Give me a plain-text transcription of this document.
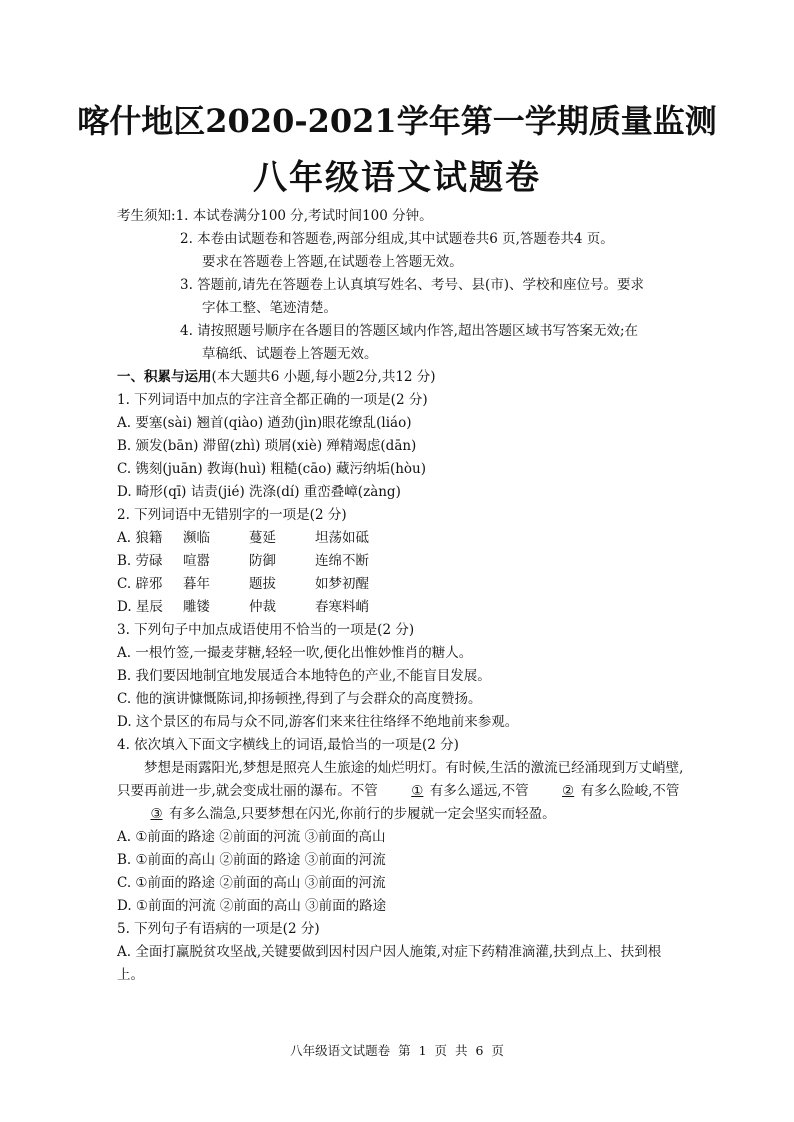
喀什地区2020-2021学年第一学期质量监测
八年级语文试题卷
考生须知:1. 本试卷满分100 分,考试时间100 分钟。
2. 本卷由试题卷和答题卷,两部分组成,其中试题卷共6 页,答题卷共4 页。
要求在答题卷上答题,在试题卷上答题无效。
3. 答题前,请先在答题卷上认真填写姓名、考号、县(市)、学校和座位号。要求
字体工整、笔迹清楚。
4. 请按照题号顺序在各题目的答题区域内作答,超出答题区域书写答案无效;在
草稿纸、试题卷上答题无效。
一、积累与运用(本大题共6 小题,每小题2分,共12 分)
1. 下列词语中加点的字注音全都正确的一项是(2 分)
A. 要塞(sài) 翘首(qiào) 遒劲(jìn)眼花缭乱(liáo)
B. 颁发(bān) 滞留(zhì) 琐屑(xiè) 殚精竭虑(dān)
C. 镌刻(juān) 教诲(huì) 粗糙(cāo) 藏污纳垢(hòu)
D. 畸形(qī) 诘责(jié) 洗涤(dí) 重峦叠嶂(zàng)
2. 下列词语中无错别字的一项是(2 分)
A. 狼籍 濒临	蔓延	坦荡如砥
B. 劳碌 喧嚣	防御	连绵不断
C. 辟邪 暮年	题拔	如梦初醒
D. 星辰 雕镂	仲裁	春寒料峭
3. 下列句子中加点成语使用不恰当的一项是(2 分)
A. 一根竹签,一撮麦芽糖,轻轻一吹,便化出惟妙惟肖的糖人。
B. 我们要因地制宜地发展适合本地特色的产业,不能盲目发展。
C. 他的演讲慷慨陈词,抑扬顿挫,得到了与会群众的高度赞扬。
D. 这个景区的布局与众不同,游客们来来往往络绎不绝地前来参观。
4. 依次填入下面文字横线上的词语,最恰当的一项是(2 分)
梦想是雨露阳光,梦想是照亮人生旅途的灿烂明灯。有时候,生活的激流已经涌现到万丈峭壁,只要再前进一步,就会变成壮丽的瀑布。不管 ① 有多么遥远,不管 ② 有多么险峻,不管③ 有多么湍急,只要梦想在闪光,你前行的步履就一定会坚实而轻盈。
A. ①前面的路途 ②前面的河流 ③前面的高山
B. ①前面的高山 ②前面的路途 ③前面的河流
C. ①前面的路途 ②前面的高山 ③前面的河流
D. ①前面的河流 ②前面的高山 ③前面的路途
5. 下列句子有语病的一项是(2 分)
A. 全面打赢脱贫攻坚战,关键要做到因村因户因人施策,对症下药精准滴灌,扶到点上、扶到根上。
八年级语文试题卷 第 1 页 共 6 页
